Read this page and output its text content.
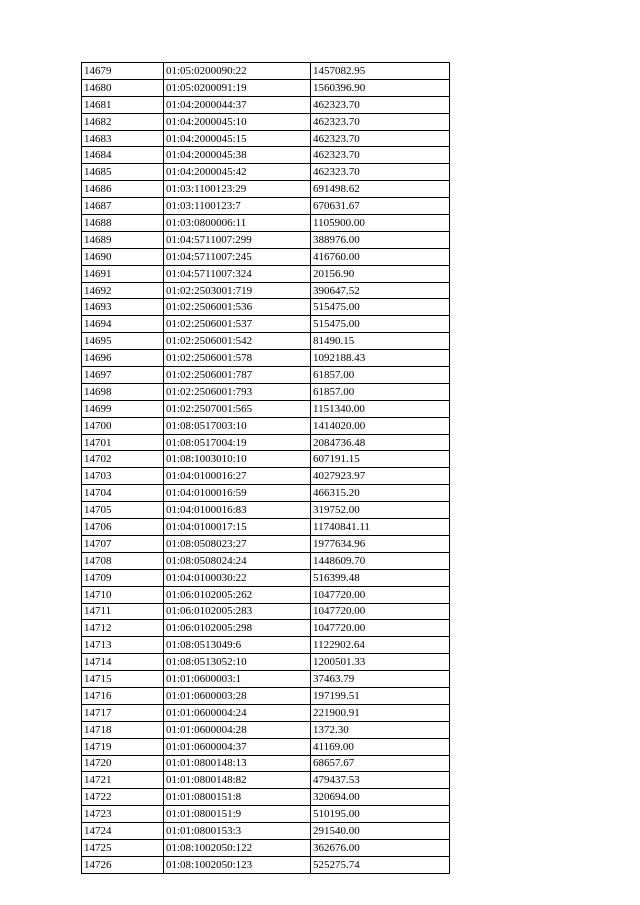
14679	01:05:0200090:22	1457082.95
14680	01:05:0200091:19	1560396.90
14681	01:04:2000044:37	462323.70
14682	01:04:2000045:10	462323.70
14683	01:04:2000045:15	462323.70
14684	01:04:2000045:38	462323.70
14685	01:04:2000045:42	462323.70
14686	01:03:1100123:29	691498.62
14687	01:03:1100123:7	670631.67
14688	01:03:0800006:11	1105900.00
14689	01:04:5711007:299	388976.00
14690	01:04:5711007:245	416760.00
14691	01:04:5711007:324	20156.90
14692	01:02:2503001:719	390647.52
14693	01:02:2506001:536	515475.00
14694	01:02:2506001:537	515475.00
14695	01:02:2506001:542	81490.15
14696	01:02:2506001:578	1092188.43
14697	01:02:2506001:787	61857.00
14698	01:02:2506001:793	61857.00
14699	01:02:2507001:565	1151340.00
14700	01:08:0517003:10	1414020.00
14701	01:08:0517004:19	2084736.48
14702	01:08:1003010:10	607191.15
14703	01:04:0100016:27	4027923.97
14704	01:04:0100016:59	466315.20
14705	01:04:0100016:83	319752.00
14706	01:04:0100017:15	11740841.11
14707	01:08:0508023:27	1977634.96
14708	01:08:0508024:24	1448609.70
14709	01:04:0100030:22	516399.48
14710	01:06:0102005:262	1047720.00
14711	01:06:0102005:283	1047720.00
14712	01:06:0102005:298	1047720.00
14713	01:08:0513049:6	1122902.64
14714	01:08:0513052:10	1200501.33
14715	01:01:0600003:1	37463.79
14716	01:01:0600003:28	197199.51
14717	01:01:0600004:24	221900.91
14718	01:01:0600004:28	1372.30
14719	01:01:0600004:37	41169.00
14720	01:01:0800148:13	68657.67
14721	01:01:0800148:82	479437.53
14722	01:01:0800151:8	320694.00
14723	01:01:0800151:9	510195.00
14724	01:01:0800153:3	291540.00
14725	01:08:1002050:122	362676.00
14726	01:08:1002050:123	525275.74
